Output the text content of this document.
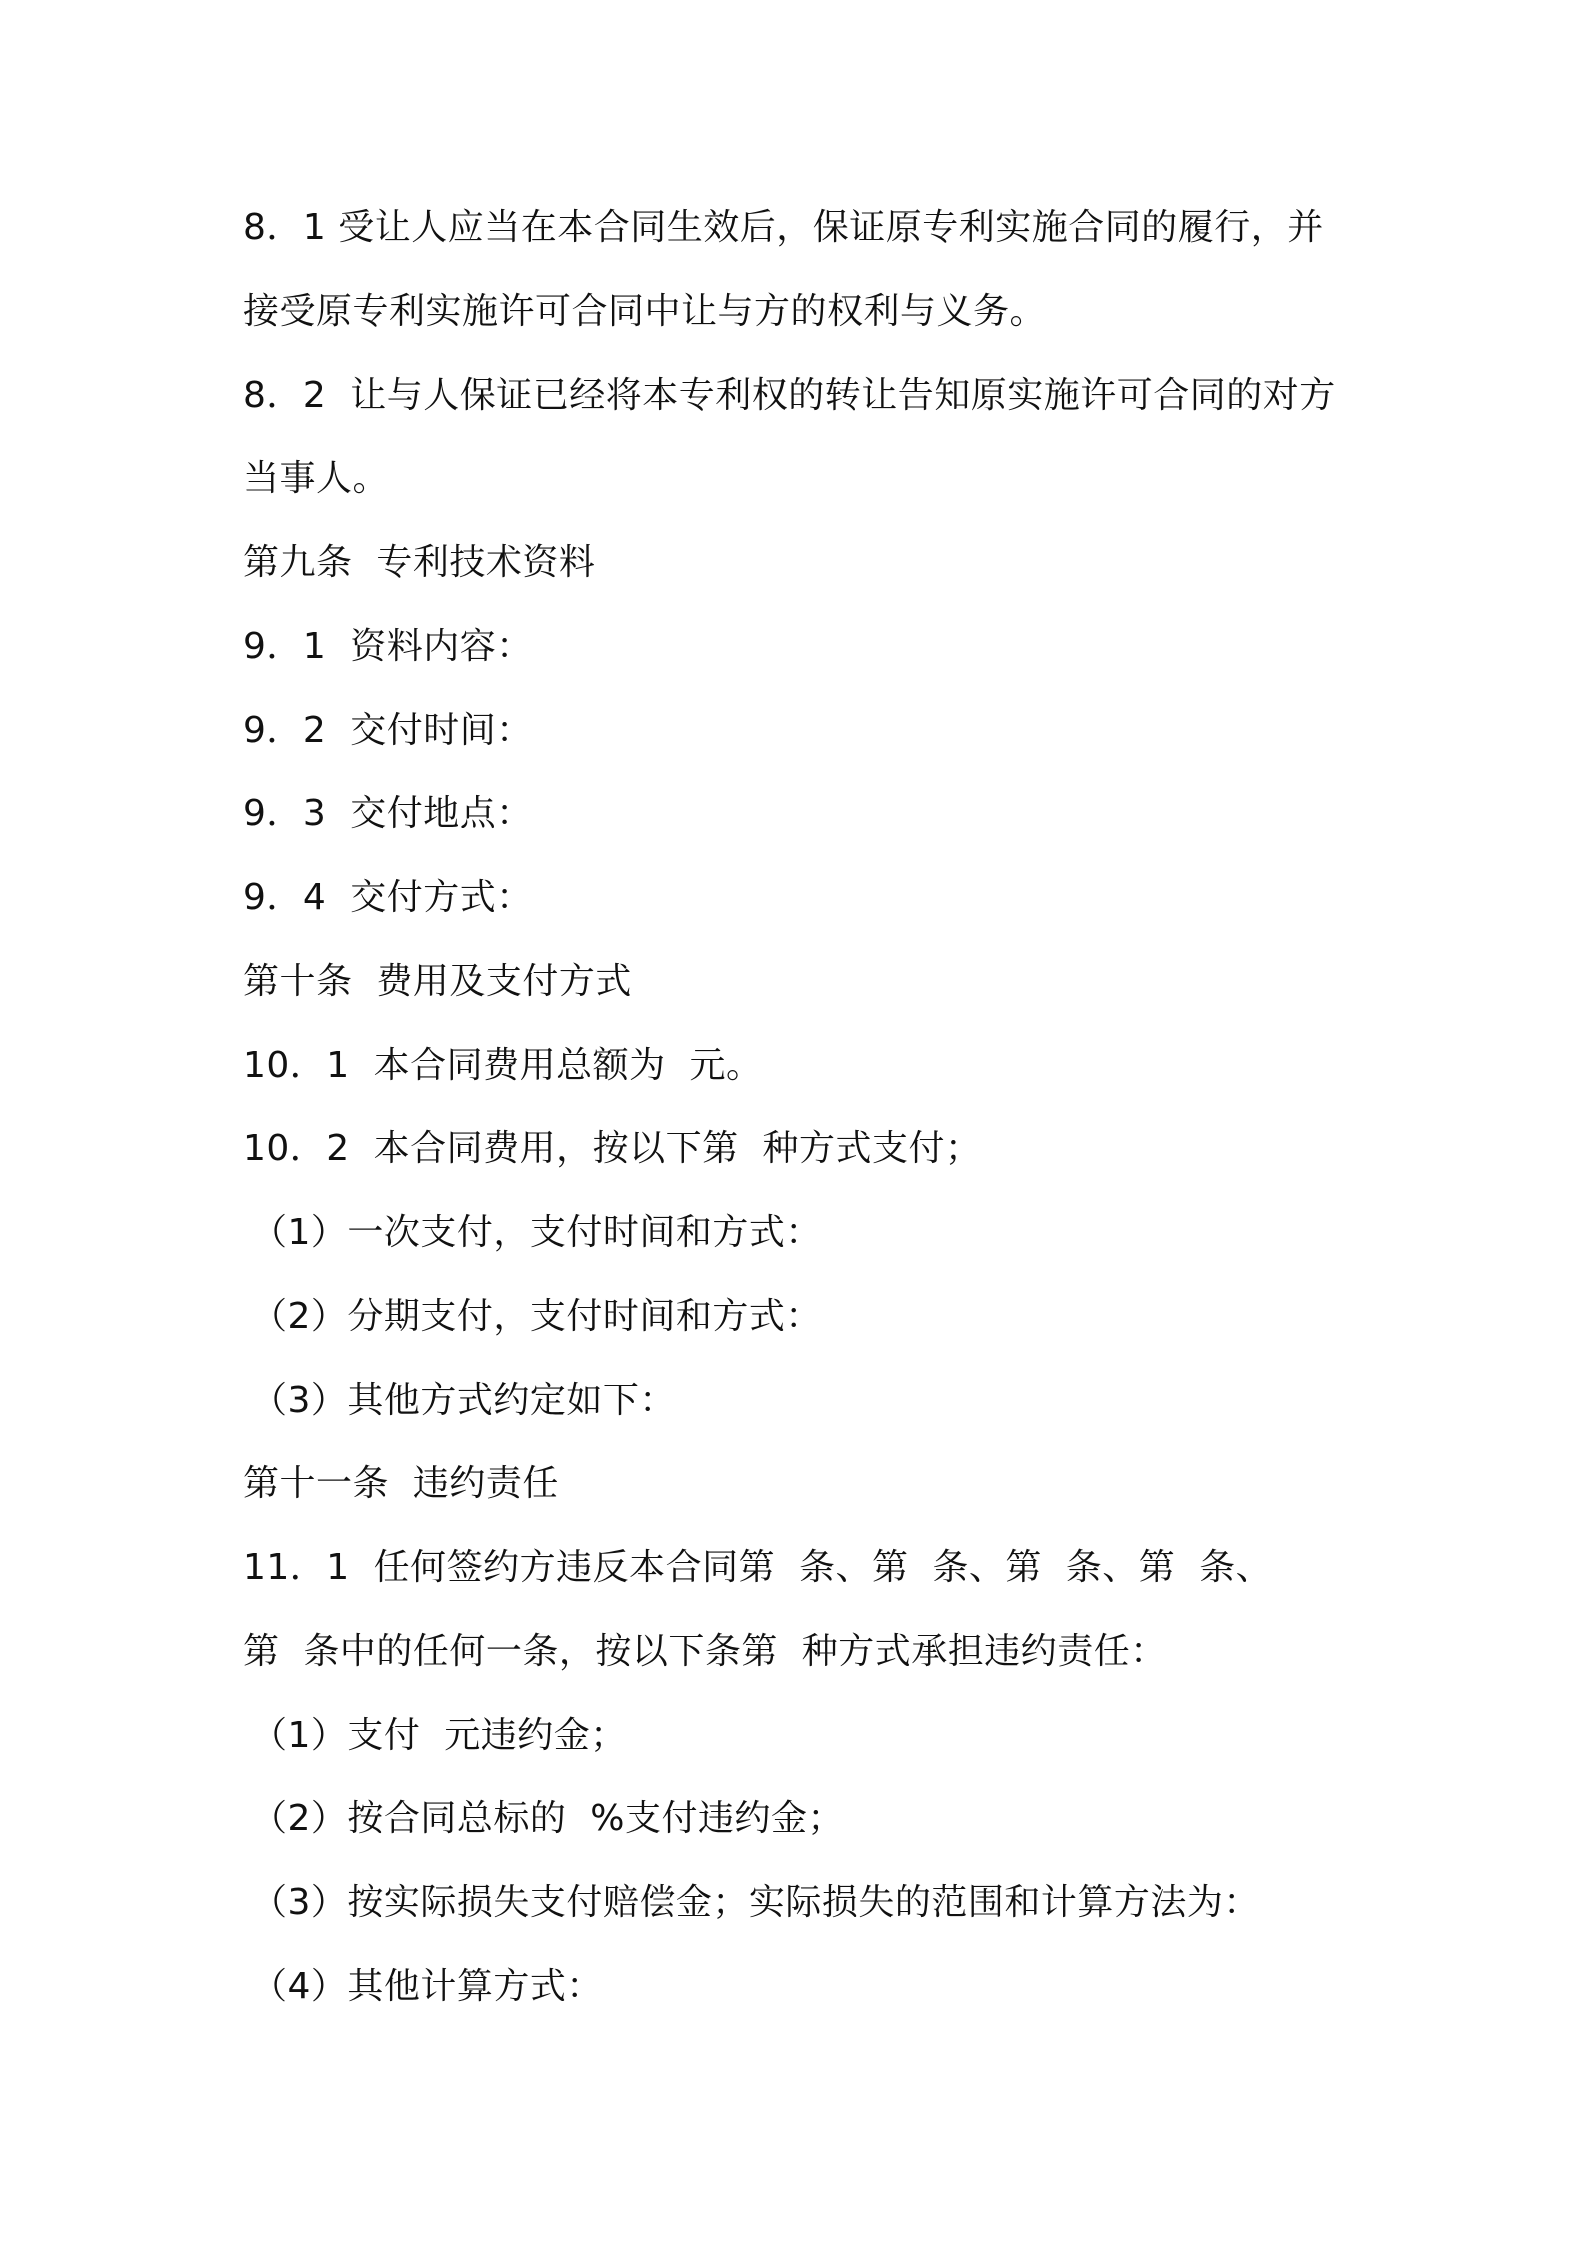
8．1 受让人应当在本合同生效后，保证原专利实施合同的履行，并
接受原专利实施许可合同中让与方的权利与义务。
8．2  让与人保证已经将本专利权的转让告知原实施许可合同的对方
当事人。
第九条  专利技术资料
9．1  资料内容：
9．2  交付时间：
9．3  交付地点：
9．4  交付方式：
第十条  费用及支付方式
10．1  本合同费用总额为  元。
10．2  本合同费用，按以下第  种方式支付；
（1）一次支付，支付时间和方式：
（2）分期支付，支付时间和方式：
（3）其他方式约定如下：
第十一条  违约责任
11．1  任何签约方违反本合同第  条、第  条、第  条、第  条、
第  条中的任何一条，按以下条第  种方式承担违约责任：
（1）支付  元违约金；
（2）按合同总标的  %支付违约金；
（3）按实际损失支付赔偿金；实际损失的范围和计算方法为：
（4）其他计算方式：
